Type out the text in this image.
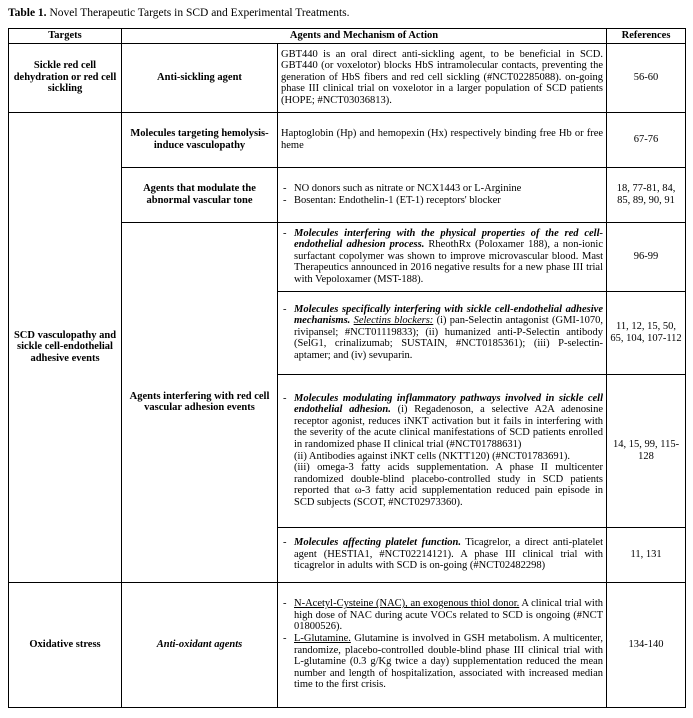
Table 1. Novel Therapeutic Targets in SCD and Experimental Treatments.
Targets	Agents and Mechanism of Action		References
Sickle red cell dehydration or red cell sickling	Anti-sickling agent	GBT440 is an oral direct anti-sickling agent, to be beneficial in SCD. GBT440 (or voxelotor) blocks HbS intramolecular contacts, preventing the generation of HbS fibers and red cell sickling (#NCT02285088). on-going phase III clinical trial on voxelotor in a larger population of SCD patients (HOPE; #NCT03036813).	56-60
SCD vasculopathy and sickle cell-endothelial adhesive events	Molecules targeting hemolysis-induce vasculopathy	Haptoglobin (Hp) and hemopexin (Hx) respectively binding free Hb or free heme	67-76
	Agents that modulate the abnormal vascular tone	- NO donors such as nitrate or NCX1443 or L-Arginine
- Bosentan: Endothelin-1 (ET-1) receptors' blocker	18, 77-81, 84, 85, 89, 90, 91
	Agents interfering with red cell vascular adhesion events	- Molecules interfering with the physical properties of the red cell-endothelial adhesion process. RheothRx (Poloxamer 188), a non-ionic surfactant copolymer was shown to improve microvascular blood. Mast Therapeutics announced in 2016 negative results for a new phase III trial with Vepoloxamer (MST-188).	96-99

		- Molecules specifically interfering with sickle cell-endothelial adhesive mechanisms. Selectins blockers: (i) pan-Selectin antagonist (GMI-1070, rivipansel; #NCT01119833); (ii) humanized anti-P-Selectin antibody (SelG1, crinalizumab; SUSTAIN, #NCT0185361); (iii) P-selectin-aptamer; and (iv) sevuparin.	11, 12, 15, 50, 65, 104, 107-112

		- Molecules modulating inflammatory pathways involved in sickle cell endothelial adhesion. (i) Regadenoson, a selective A2A adenosine receptor agonist, reduces iNKT activation but it fails in interfering with the severity of the acute clinical manifestations of SCD patients enrolled in randomized phase II clinical trial (#NCT01788631)
(ii) Antibodies against iNKT cells (NKTT120) (#NCT01783691).
(iii) omega-3 fatty acids supplementation. A phase II multicenter randomized double-blind placebo-controlled study in SCD patients reported that ω-3 fatty acid supplementation reduced pain episode in SCD subjects (SCOT, #NCT02973360).	14, 15, 99, 115-128

		- Molecules affecting platelet function. Ticagrelor, a direct anti-platelet agent (HESTIA1, #NCT02214121). A phase III clinical trial with ticagrelor in adults with SCD is on-going (#NCT02482298)	11, 131

Oxidative stress	Anti-oxidant agents	- N-Acetyl-Cysteine (NAC), an exogenous thiol donor. A clinical trial with high dose of NAC during acute VOCs related to SCD is ongoing (#NCT 01800526).
- L-Glutamine. Glutamine is involved in GSH metabolism. A multicenter, randomize, placebo-controlled double-blind phase III clinical trial with L-glutamine (0.3 g/Kg twice a day) supplementation reduced the mean number and length of hospitalization, associated with increased median time to the first crisis.	134-140
